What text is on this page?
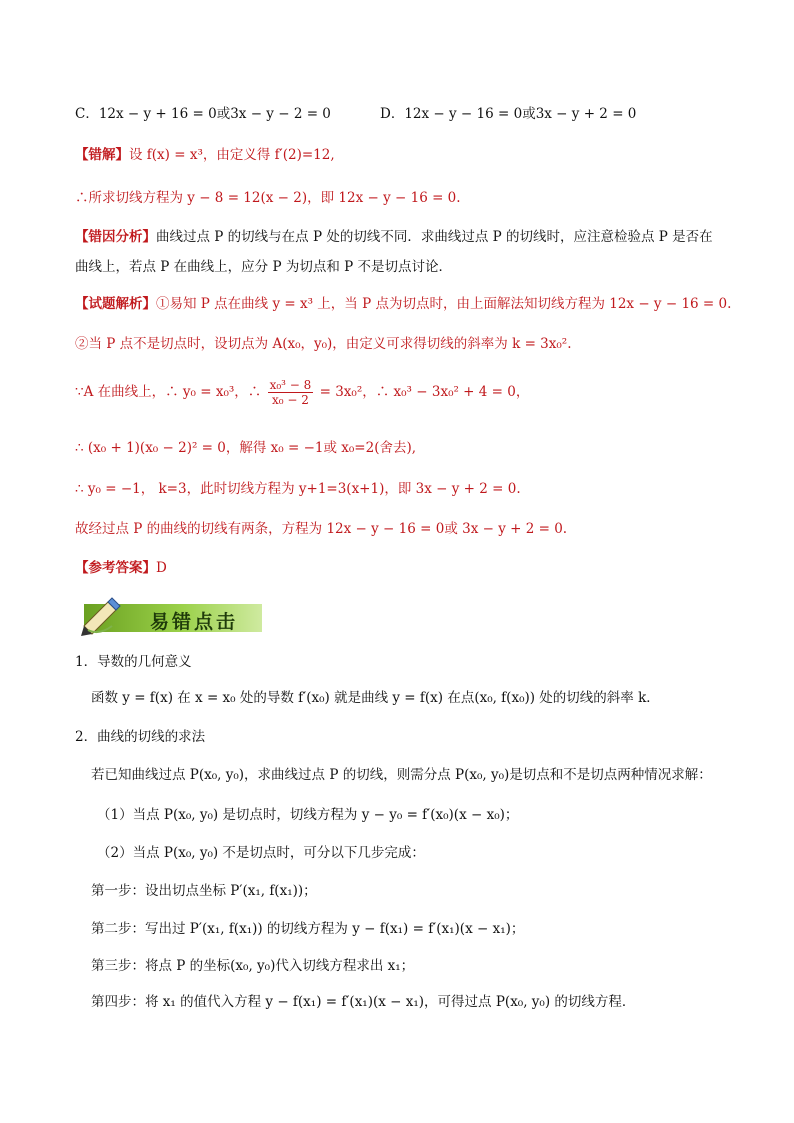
C．12x − y + 16 = 0或3x − y − 2 = 0	D．12x − y − 16 = 0或3x − y + 2 = 0
【错解】设 f(x) = x³，由定义得 f′(2)=12,
∴所求切线方程为 y − 8 = 12(x − 2)，即 12x − y − 16 = 0.
【错因分析】曲线过点 P 的切线与在点 P 处的切线不同．求曲线过点 P 的切线时，应注意检验点 P 是否在
曲线上，若点 P 在曲线上，应分 P 为切点和 P 不是切点讨论．
【试题解析】①易知 P 点在曲线 y = x³ 上，当 P 点为切点时，由上面解法知切线方程为 12x − y − 16 = 0.
②当 P 点不是切点时，设切点为 A(x₀，y₀)，由定义可求得切线的斜率为 k = 3x₀².
∵A 在曲线上，∴ y₀ = x₀³，∴ $\frac{\text{x₀³ − 8}}{\text{x₀ − 2}} = 3x_0^2$，∴ x₀³ − 3x₀² + 4 = 0，
∴ (x₀ + 1)(x₀ − 2)² = 0，解得 x₀ = −1或 x₀=2(舍去),
∴ y₀ = −1， k=3，此时切线方程为 y+1=3(x+1)，即 3x − y + 2 = 0.
故经过点 P 的曲线的切线有两条，方程为 12x − y − 16 = 0或 3x − y + 2 = 0.
【参考答案】D
易错点击
1．导数的几何意义
函数 y = f(x) 在 x = x₀ 处的导数 f′(x₀) 就是曲线 y = f(x) 在点(x₀, f(x₀)) 处的切线的斜率 k．
2．曲线的切线的求法
若已知曲线过点 P(x₀, y₀)，求曲线过点 P 的切线，则需分点 P(x₀, y₀)是切点和不是切点两种情况求解：
（1）当点 P(x₀, y₀) 是切点时，切线方程为 y − y₀ = f′(x₀)(x − x₀)；
（2）当点 P(x₀, y₀) 不是切点时，可分以下几步完成：
第一步：设出切点坐标 P′(x₁, f(x₁))；
第二步：写出过 P′(x₁, f(x₁)) 的切线方程为 y − f(x₁) = f′(x₁)(x − x₁)；
第三步：将点 P 的坐标(x₀, y₀)代入切线方程求出 x₁；
第四步：将 x₁ 的值代入方程 y − f(x₁) = f′(x₁)(x − x₁)，可得过点 P(x₀, y₀) 的切线方程．
